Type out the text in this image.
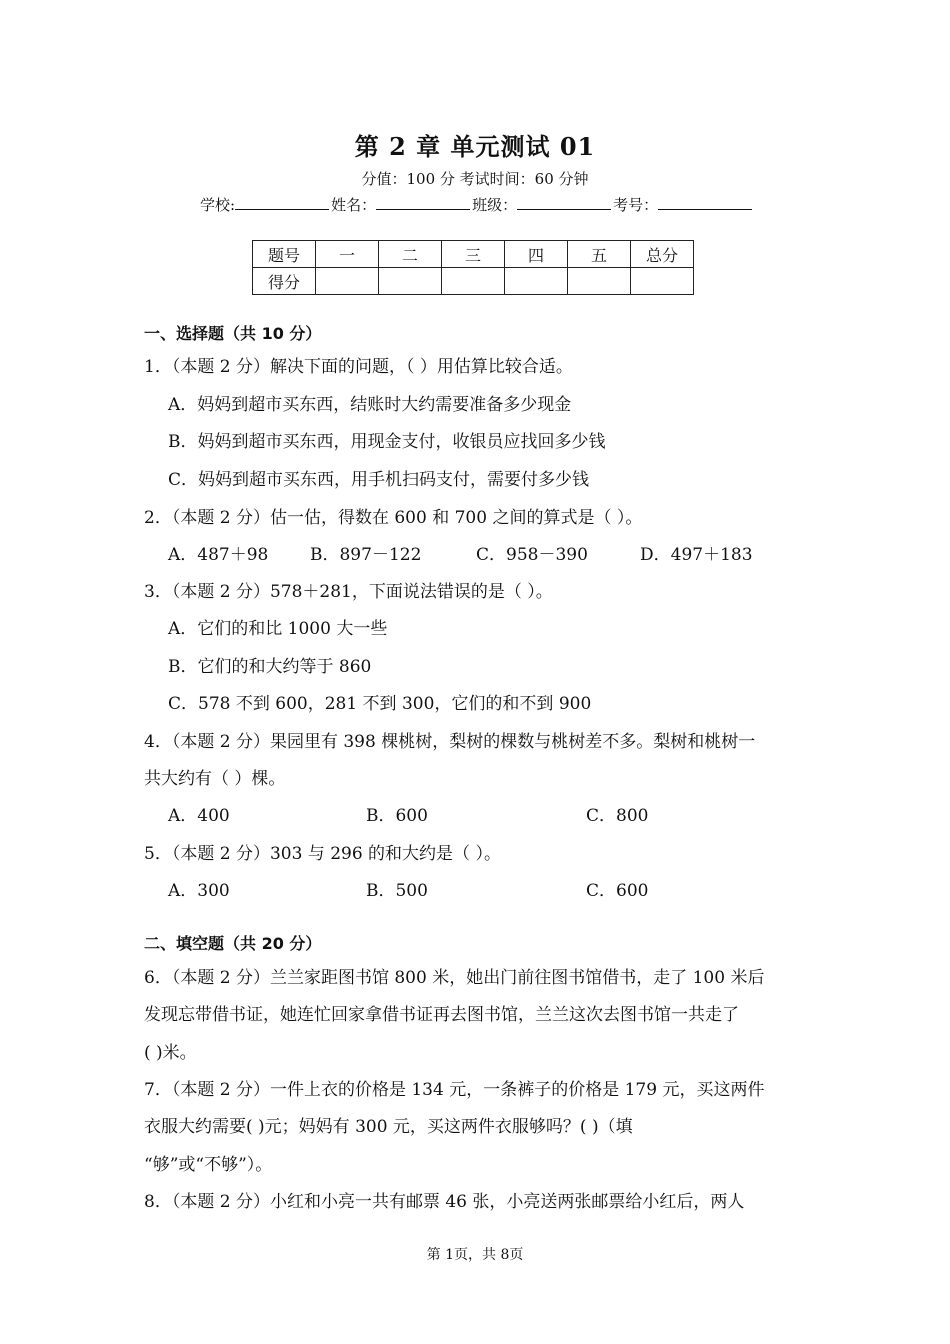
第 2 章 单元测试 01
分值：100 分 考试时间：60 分钟
学校:	姓名：	班级：	考号：
题号	一	二	三	四	五	总分
得分						
一、选择题（共 10 分）
1．（本题 2 分）解决下面的问题，（ ）用估算比较合适。
A．妈妈到超市买东西，结账时大约需要准备多少现金
B．妈妈到超市买东西，用现金支付，收银员应找回多少钱
C．妈妈到超市买东西，用手机扫码支付，需要付多少钱
2．（本题 2 分）估一估，得数在 600 和 700 之间的算式是（ ）。
A．487＋98 B．897－122	C．958－390	D．497＋183
3．（本题 2 分）578＋281，下面说法错误的是（ ）。
A．它们的和比 1000 大一些
B．它们的和大约等于 860
C．578 不到 600，281 不到 300，它们的和不到 900
4．（本题 2 分）果园里有 398 棵桃树，梨树的棵数与桃树差不多。梨树和桃树一
共大约有（ ）棵。
A．400	B．600	C．800
5．（本题 2 分）303 与 296 的和大约是（ ）。
A．300	B．500	C．600
二、填空题（共 20 分）
6．（本题 2 分）兰兰家距图书馆 800 米，她出门前往图书馆借书，走了 100 米后
发现忘带借书证，她连忙回家拿借书证再去图书馆，兰兰这次去图书馆一共走了
( )米。
7．（本题 2 分）一件上衣的价格是 134 元，一条裤子的价格是 179 元，买这两件
衣服大约需要( )元；妈妈有 300 元，买这两件衣服够吗？( )（填
“够”或“不够”）。
8．（本题 2 分）小红和小亮一共有邮票 46 张，小亮送两张邮票给小红后，两人
第 1页，共 8页
